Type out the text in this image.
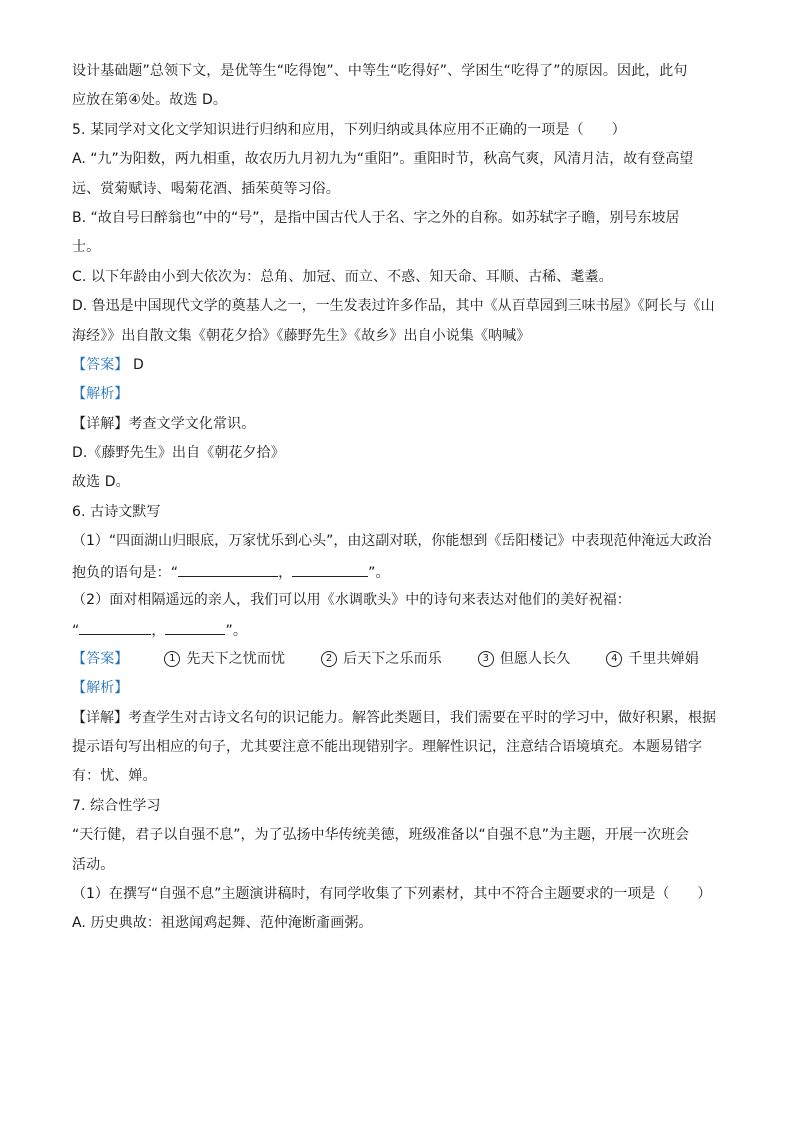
设计基础题”总领下文，是优等生“吃得饱”、中等生“吃得好”、学困生“吃得了”的原因。因此，此句
应放在第④处。故选 D。
5. 某同学对文化文学知识进行归纳和应用，下列归纳或具体应用不正确的一项是（　　）
A. “九”为阳数，两九相重，故农历九月初九为“重阳”。重阳时节，秋高气爽，风清月洁，故有登高望
远、赏菊赋诗、喝菊花酒、插茱萸等习俗。
B. “故自号曰醉翁也”中的“号”，是指中国古代人于名、字之外的自称。如苏轼字子瞻，别号东坡居
士。
C. 以下年龄由小到大依次为：总角、加冠、而立、不惑、知天命、耳顺、古稀、耄耋。
D. 鲁迅是中国现代文学的奠基人之一，一生发表过许多作品，其中《从百草园到三味书屋》《阿长与《山
海经》》出自散文集《朝花夕拾》《藤野先生》《故乡》出自小说集《呐喊》
【答案】 D
【解析】
【详解】考查文学文化常识。
D.《藤野先生》出自《朝花夕拾》
故选 D。
6. 古诗文默写
（1）“四面湖山归眼底，万家忧乐到心头”，由这副对联，你能想到《岳阳楼记》中表现范仲淹远大政治
抱负的语句是：“	，	”。
（2）面对相隔遥远的亲人，我们可以用《水调歌头》中的诗句来表达对他们的美好祝福：
“	，	”。
【答案】	1 先天下之忧而忧	2 后天下之乐而乐	3 但愿人长久	4 千里共婵娟
【解析】
【详解】考查学生对古诗文名句的识记能力。解答此类题目，我们需要在平时的学习中，做好积累，根据
提示语句写出相应的句子，尤其要注意不能出现错别字。理解性识记，注意结合语境填充。本题易错字
有：忧、婵。
7. 综合性学习
“天行健，君子以自强不息”，为了弘扬中华传统美德，班级准备以“自强不息”为主题，开展一次班会
活动。
（1）在撰写“自强不息”主题演讲稿时，有同学收集了下列素材，其中不符合主题要求的一项是（　　）
A. 历史典故：祖逖闻鸡起舞、范仲淹断齑画粥。
